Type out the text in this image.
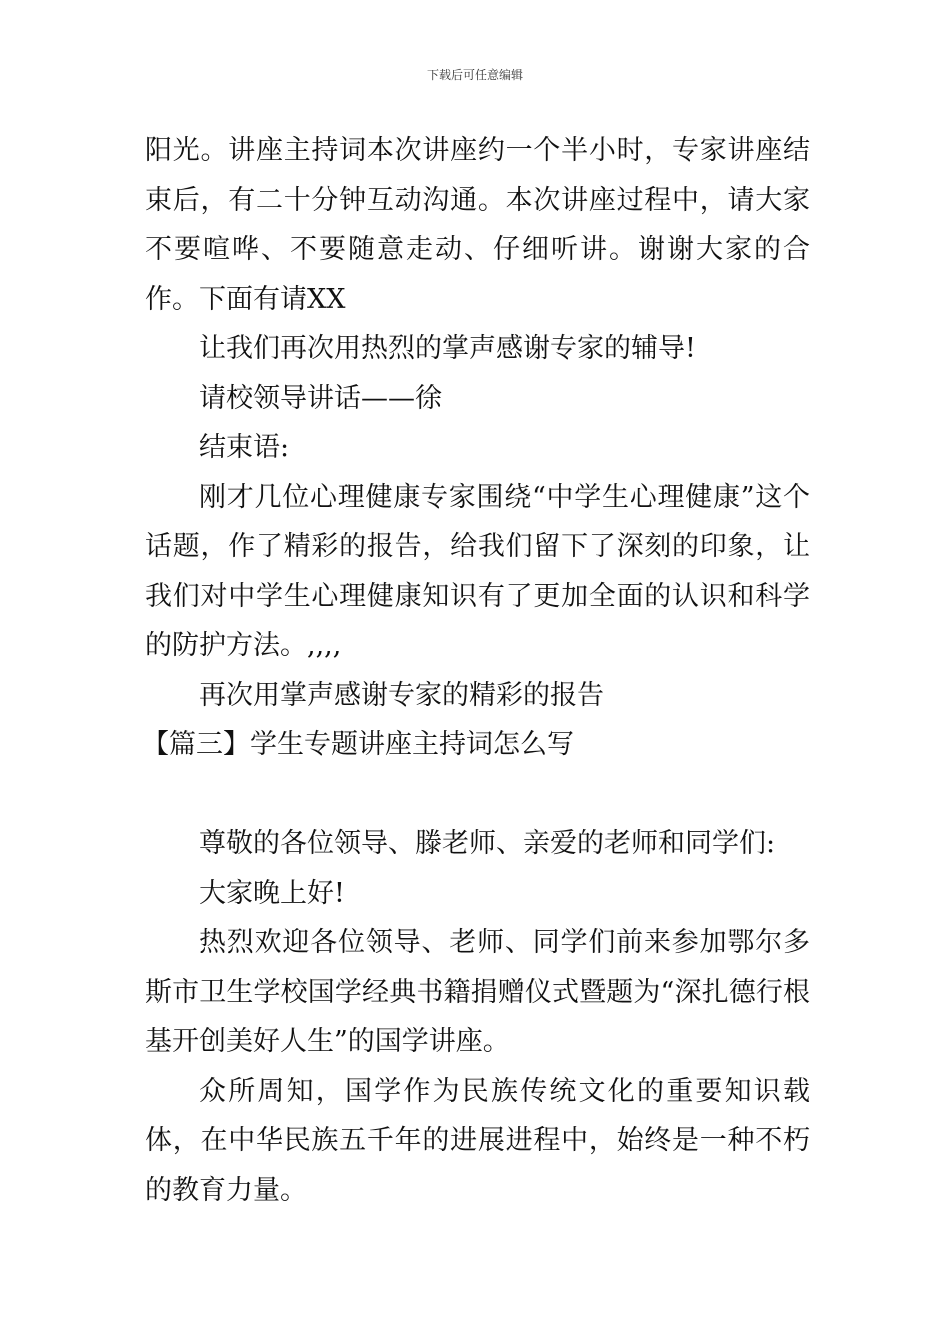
下载后可任意编辑

阳光。讲座主持词本次讲座约一个半小时，专家讲座结束后，有二十分钟互动沟通。本次讲座过程中，请大家不要喧哗、不要随意走动、仔细听讲。谢谢大家的合作。下面有请XX

让我们再次用热烈的掌声感谢专家的辅导!

请校领导讲话——徐

结束语:

刚才几位心理健康专家围绕“中学生心理健康”这个话题，作了精彩的报告，给我们留下了深刻的印象，让我们对中学生心理健康知识有了更加全面的认识和科学的防护方法。,,,,

再次用掌声感谢专家的精彩的报告

【篇三】学生专题讲座主持词怎么写

尊敬的各位领导、滕老师、亲爱的老师和同学们:

大家晚上好!

热烈欢迎各位领导、老师、同学们前来参加鄂尔多斯市卫生学校国学经典书籍捐赠仪式暨题为“深扎德行根基开创美好人生”的国学讲座。

众所周知，国学作为民族传统文化的重要知识载体，在中华民族五千年的进展进程中，始终是一种不朽的教育力量。
